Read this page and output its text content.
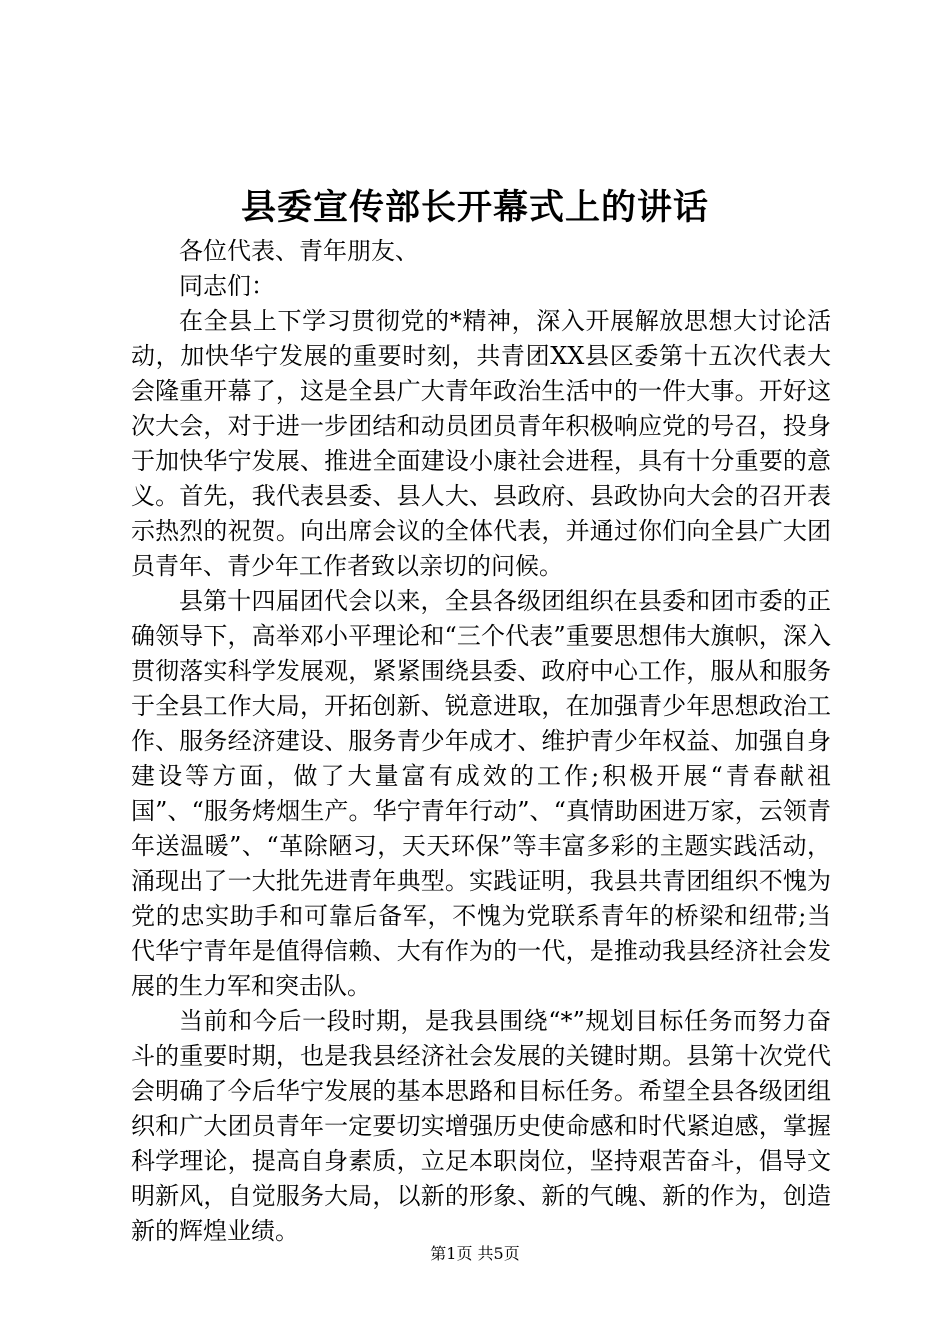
县委宣传部长开幕式上的讲话

各位代表、青年朋友、

同志们：

在全县上下学习贯彻党的*精神，深入开展解放思想大讨论活动，加快华宁发展的重要时刻，共青团XX县区委第十五次代表大会隆重开幕了，这是全县广大青年政治生活中的一件大事。开好这次大会，对于进一步团结和动员团员青年积极响应党的号召，投身于加快华宁发展、推进全面建设小康社会进程，具有十分重要的意义。首先，我代表县委、县人大、县政府、县政协向大会的召开表示热烈的祝贺。向出席会议的全体代表，并通过你们向全县广大团员青年、青少年工作者致以亲切的问候。

县第十四届团代会以来，全县各级团组织在县委和团市委的正确领导下，高举邓小平理论和“三个代表”重要思想伟大旗帜，深入贯彻落实科学发展观，紧紧围绕县委、政府中心工作，服从和服务于全县工作大局，开拓创新、锐意进取，在加强青少年思想政治工作、服务经济建设、服务青少年成才、维护青少年权益、加强自身建设等方面，做了大量富有成效的工作;积极开展“青春献祖国”、“服务烤烟生产。华宁青年行动”、“真情助困进万家，云领青年送温暖”、“革除陋习，天天环保”等丰富多彩的主题实践活动，涌现出了一大批先进青年典型。实践证明，我县共青团组织不愧为党的忠实助手和可靠后备军，不愧为党联系青年的桥梁和纽带;当代华宁青年是值得信赖、大有作为的一代，是推动我县经济社会发展的生力军和突击队。

当前和今后一段时期，是我县围绕“*”规划目标任务而努力奋斗的重要时期，也是我县经济社会发展的关键时期。县第十次党代会明确了今后华宁发展的基本思路和目标任务。希望全县各级团组织和广大团员青年一定要切实增强历史使命感和时代紧迫感，掌握科学理论，提高自身素质，立足本职岗位，坚持艰苦奋斗，倡导文明新风，自觉服务大局，以新的形象、新的气魄、新的作为，创造新的辉煌业绩。

第1页 共5页
